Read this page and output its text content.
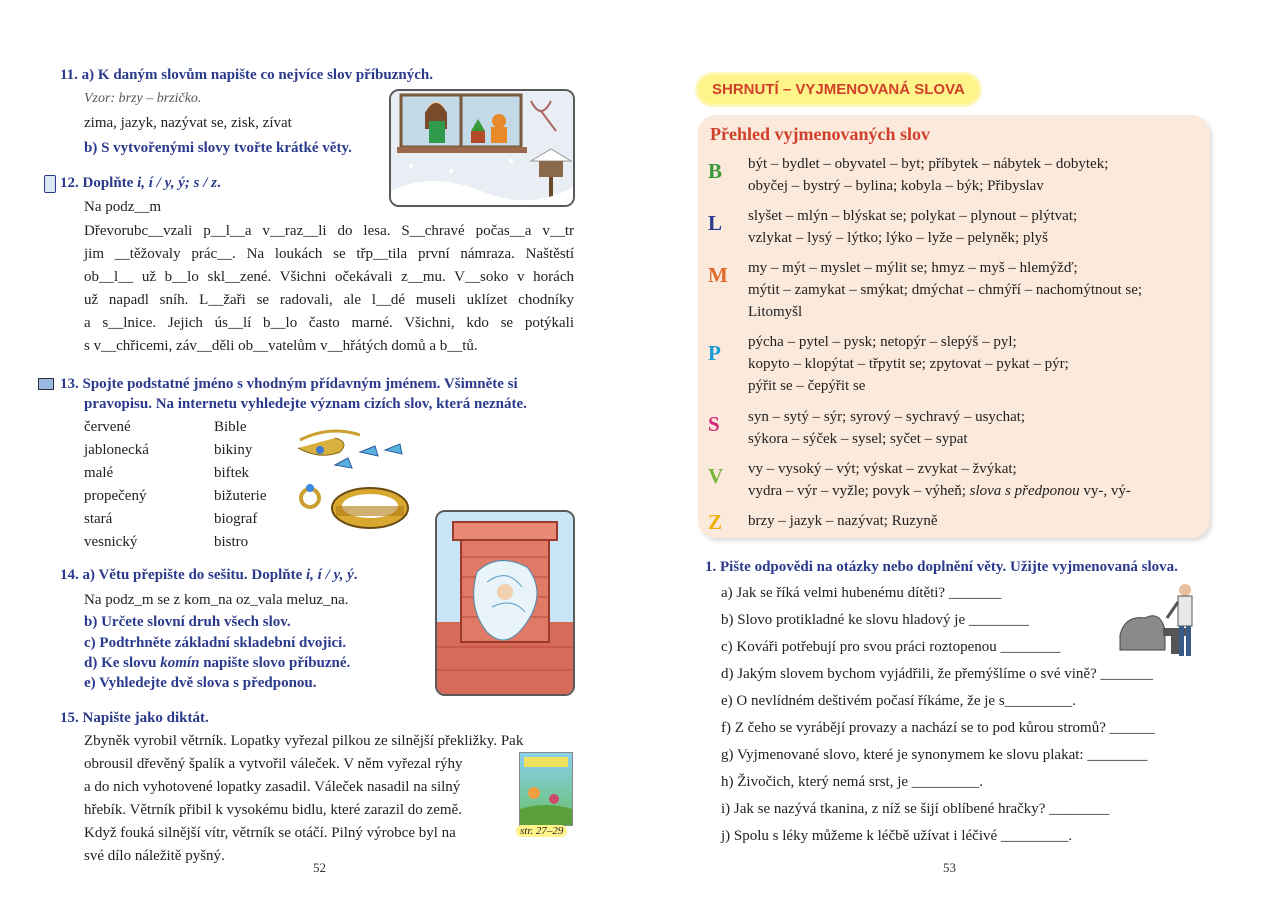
11. a) K daným slovům napište co nejvíce slov příbuzných.
Vzor: brzy – brzičko.
zima, jazyk, nazývat se, zisk, zívat
b) S vytvořenými slovy tvořte krátké věty.
12. Doplňte i, í / y, ý; s / z.
Na podz__m
Dřevorubc__vzali p__l__a v__raz__li do lesa. S__chravé počas__a v__tr
jim __těžovaly prác__. Na loukách se třp__tila první námraza. Naštěstí
ob__l__ už b__lo skl__zené. Všichni očekávali z__mu. V__soko v horách
už napadl sníh. L__žaři se radovali, ale l__dé museli uklízet chodníky
a s__lnice. Jejich ús__lí b__lo často marné. Všichni, kdo se potýkali
s v__chřicemi, záv__děli ob__vatelům v__hřátých domů a b__tů.
13. Spojte podstatné jméno s vhodným přídavným jménem. Všimněte si
pravopisu. Na internetu vyhledejte význam cizích slov, která neznáte.
červené	Bible
jablonecká	bikiny
malé	biftek
propečený	bižuterie
stará	biograf
vesnický	bistro
14. a) Větu přepište do sešitu. Doplňte i, í / y, ý.
Na podz_m se z kom_na oz_vala meluz_na.
b) Určete slovní druh všech slov.
c) Podtrhněte základní skladební dvojici.
d) Ke slovu komín napište slovo příbuzné.
e) Vyhledejte dvě slova s předponou.
15. Napište jako diktát.
Zbyněk vyrobil větrník. Lopatky vyřezal pilkou ze silnější překližky. Pak
obrousil dřevěný špalík a vytvořil váleček. V něm vyřezal rýhy
a do nich vyhotovené lopatky zasadil. Váleček nasadil na silný
hřebík. Větrník přibil k vysokému bidlu, které zarazil do země.
Když fouká silnější vítr, větrník se otáčí. Pilný výrobce byl na
své dílo náležitě pyšný.
str. 27–29
52
SHRNUTÍ – VYJMENOVANÁ SLOVA
Přehled vyjmenovaných slov
B	být – bydlet – obyvatel – byt; příbytek – nábytek – dobytek;
obyčej – bystrý – bylina; kobyla – býk; Přibyslav
L	slyšet – mlýn – blýskat se; polykat – plynout – plýtvat;
vzlykat – lysý – lýtko; lýko – lyže – pelyněk; plyš
M	my – mýt – myslet – mýlit se; hmyz – myš – hlemýžď;
mýtit – zamykat – smýkat; dmýchat – chmýří – nachomýtnout se;
Litomyšl
P	pýcha – pytel – pysk; netopýr – slepýš – pyl;
kopyto – klopýtat – třpytit se; zpytovat – pykat – pýr;
pýřit se – čepýřit se
S	syn – sytý – sýr; syrový – sychravý – usychat;
sýkora – sýček – sysel; syčet – sypat
V	vy – vysoký – výt; výskat – zvykat – žvýkat;
vydra – výr – vyžle; povyk – výheň; slova s předponou vy-, vý-
Z	brzy – jazyk – nazývat; Ruzyně
1. Pište odpovědi na otázky nebo doplnění věty. Užijte vyjmenovaná slova.
a) Jak se říká velmi hubenému dítěti? _______
b) Slovo protikladné ke slovu hladový je ________
c) Kováři potřebují pro svou práci roztopenou ________
d) Jakým slovem bychom vyjádřili, že přemýšlíme o své vině? _______
e) O nevlídném deštivém počasí říkáme, že je s_________.
f) Z čeho se vyrábějí provazy a nachází se to pod kůrou stromů? ______
g) Vyjmenované slovo, které je synonymem ke slovu plakat: ________
h) Živočich, který nemá srst, je _________.
i) Jak se nazývá tkanina, z níž se šijí oblíbené hračky? ________
j) Spolu s léky můžeme k léčbě užívat i léčivé _________.
53
